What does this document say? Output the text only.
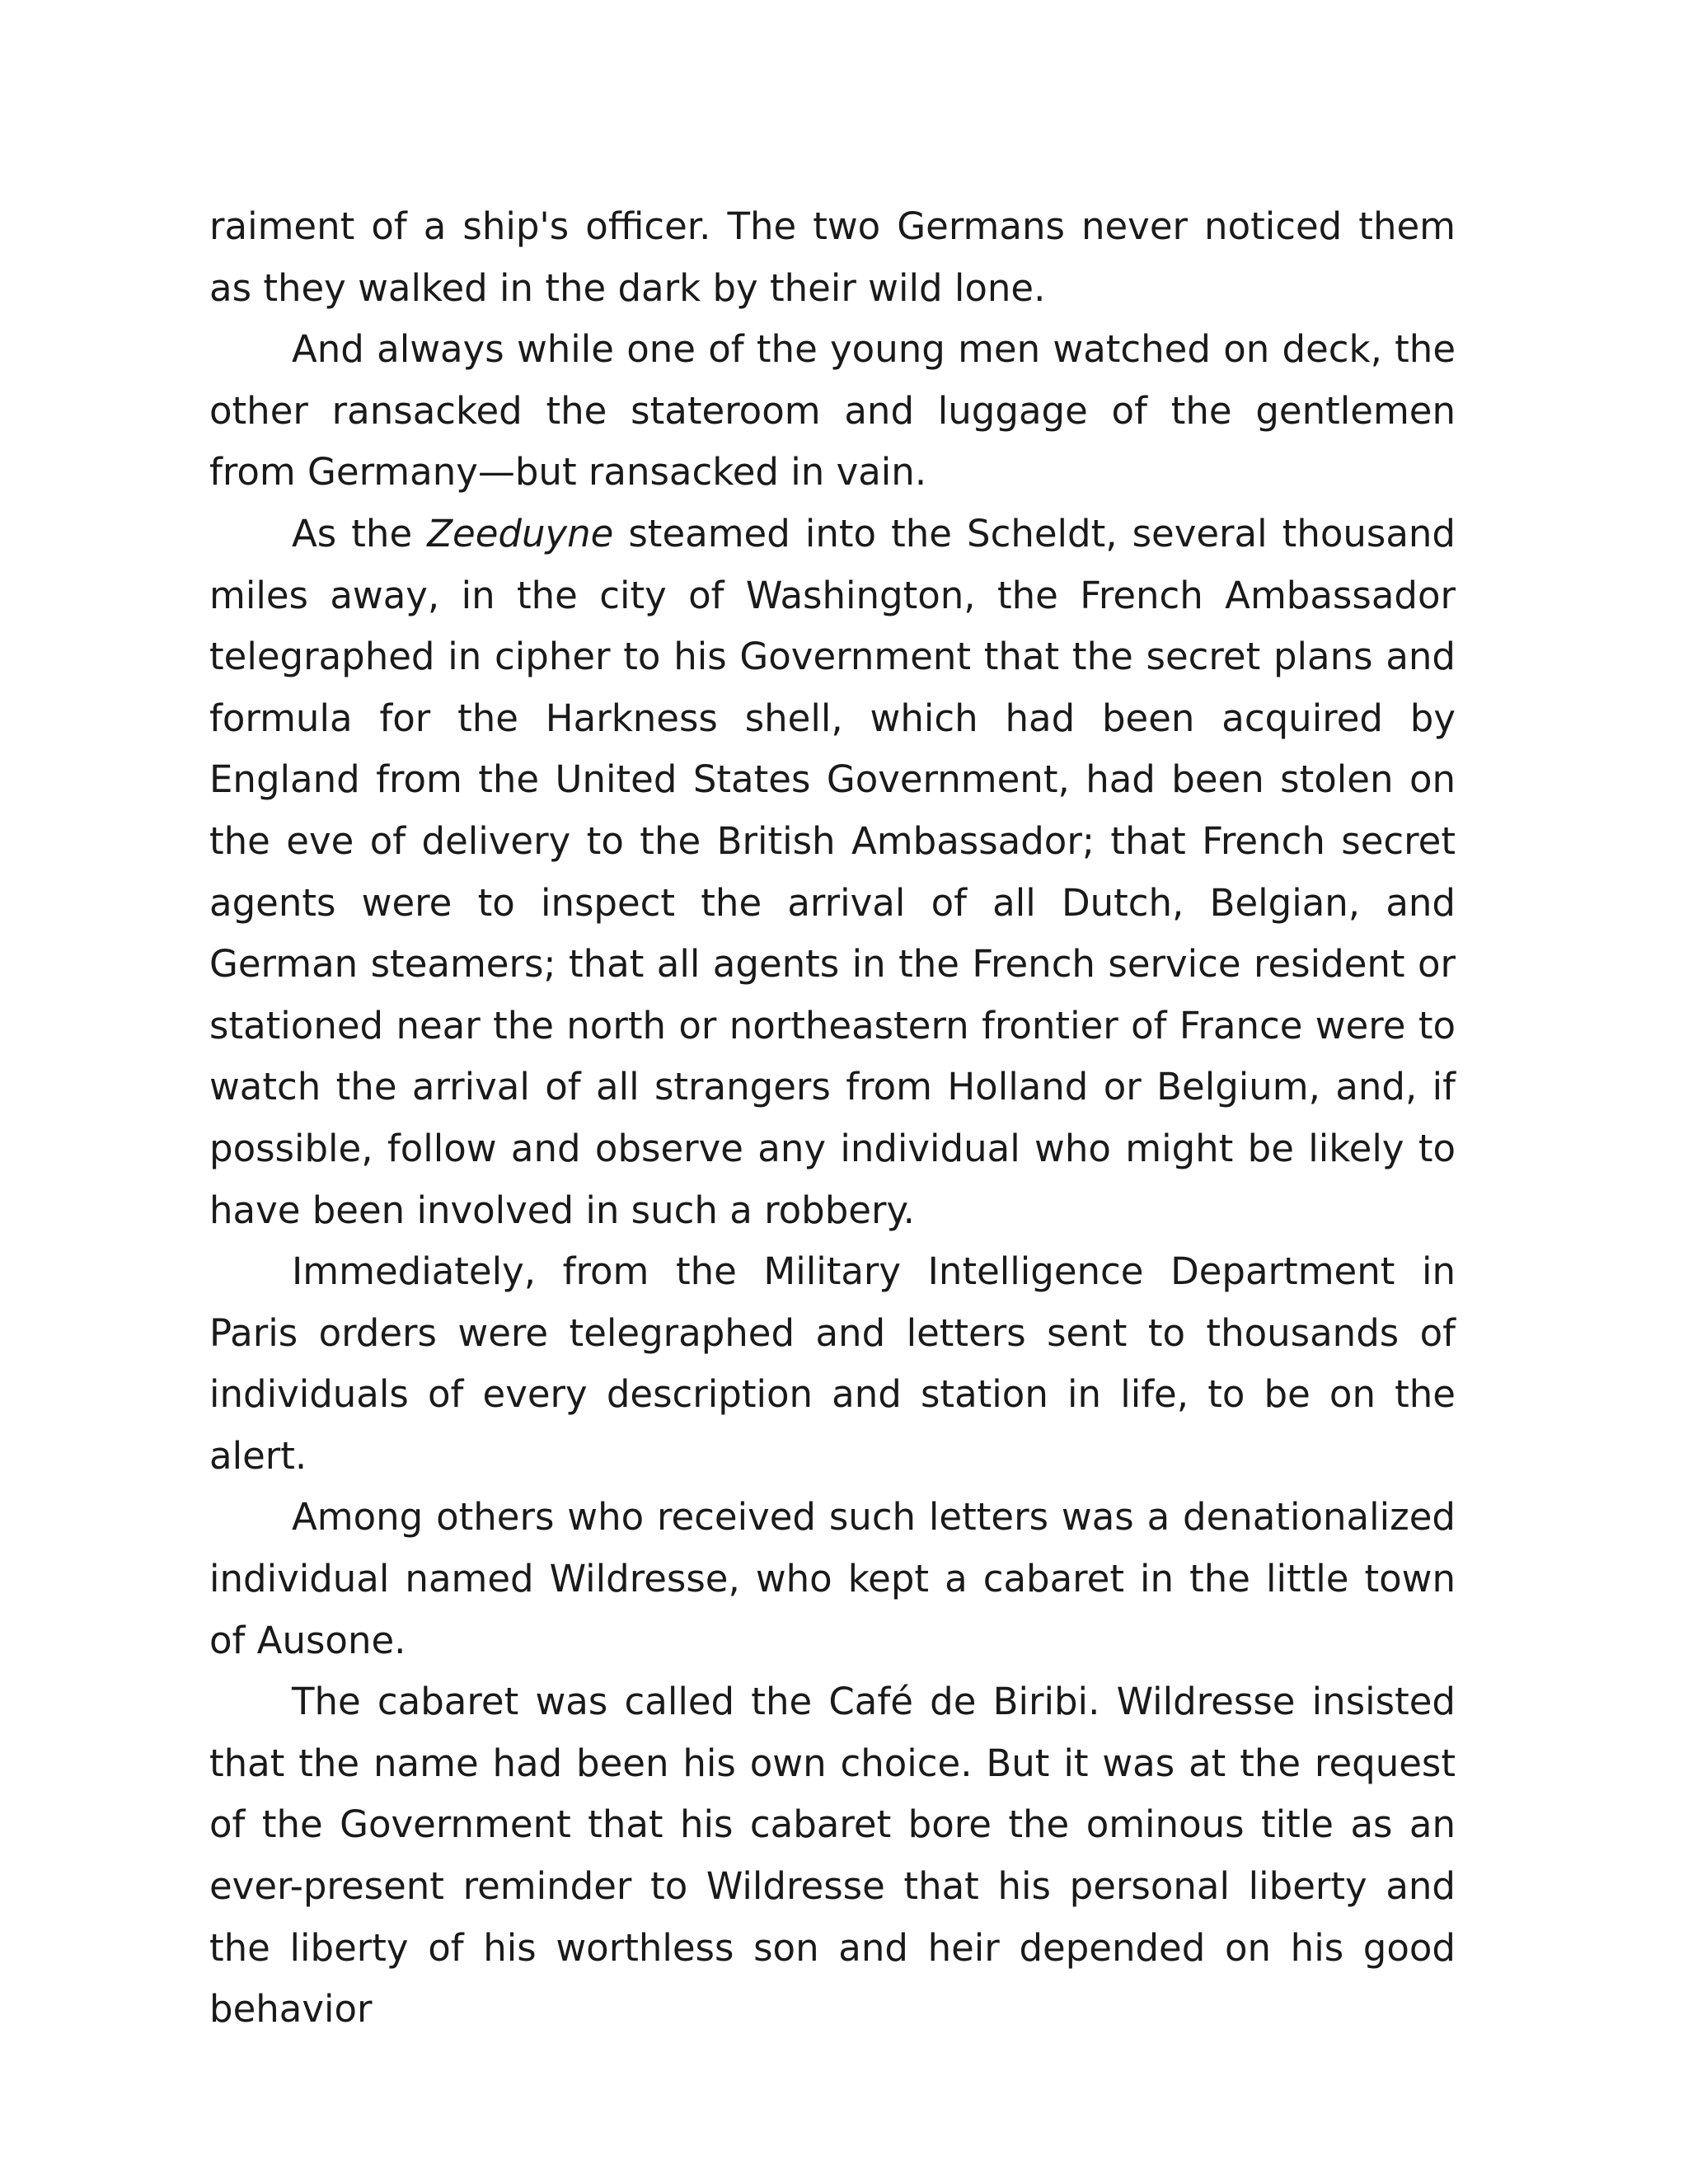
raiment of a ship's officer. The two Germans never noticed them as they walked in the dark by their wild lone.

And always while one of the young men watched on deck, the other ransacked the stateroom and luggage of the gentlemen from Germany—but ransacked in vain.

As the Zeeduyne steamed into the Scheldt, several thousand miles away, in the city of Washington, the French Ambassador telegraphed in cipher to his Government that the secret plans and formula for the Harkness shell, which had been acquired by England from the United States Government, had been stolen on the eve of delivery to the British Ambassador; that French secret agents were to inspect the arrival of all Dutch, Belgian, and German steamers; that all agents in the French service resident or stationed near the north or northeastern frontier of France were to watch the arrival of all strangers from Holland or Belgium, and, if possible, follow and observe any individual who might be likely to have been involved in such a robbery.

Immediately, from the Military Intelligence Department in Paris orders were telegraphed and letters sent to thousands of individuals of every description and station in life, to be on the alert.

Among others who received such letters was a denationalized individual named Wildresse, who kept a cabaret in the little town of Ausone.

The cabaret was called the Café de Biribi. Wildresse insisted that the name had been his own choice. But it was at the request of the Government that his cabaret bore the ominous title as an ever-present reminder to Wildresse that his personal liberty and the liberty of his worthless son and heir depended on his good behavior
